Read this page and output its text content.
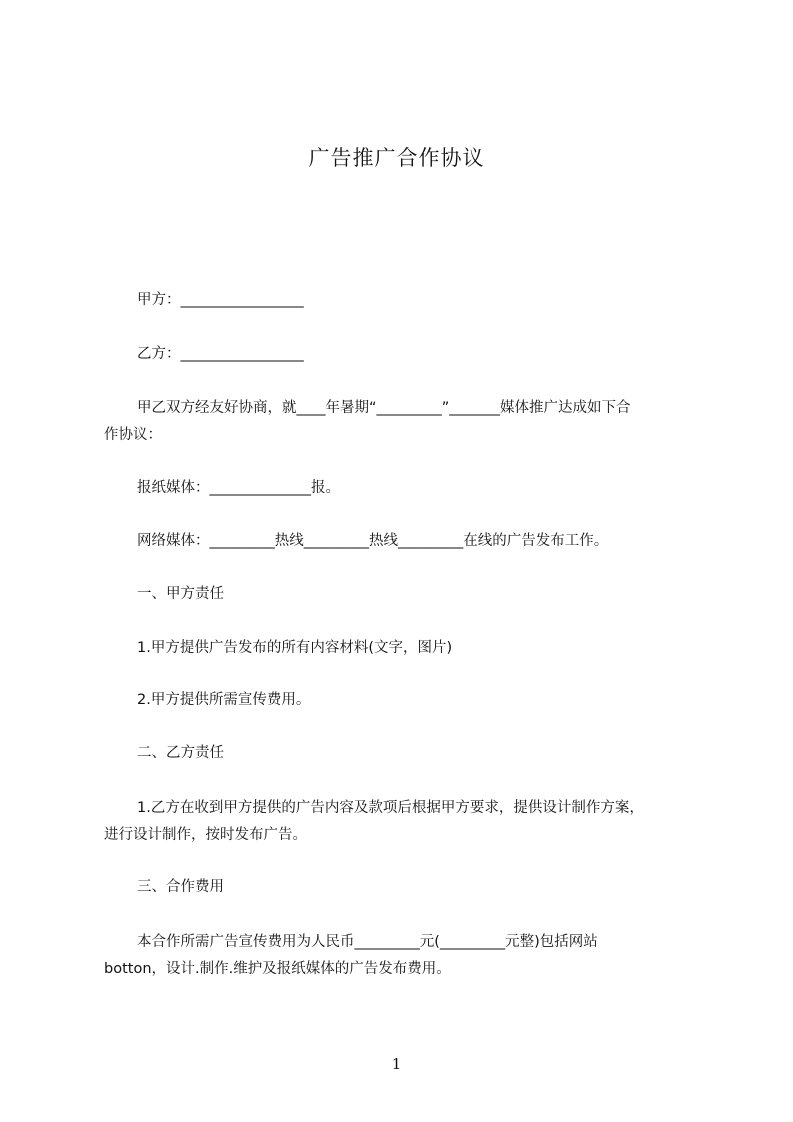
广告推广合作协议

甲方：_________________

乙方：_________________

甲乙双方经友好协商，就____年暑期“_________”_______媒体推广达成如下合
作协议：

报纸媒体：______________报。

网络媒体：_________热线_________热线_________在线的广告发布工作。

一、甲方责任

1.甲方提供广告发布的所有内容材料(文字，图片)

2.甲方提供所需宣传费用。

二、乙方责任

1.乙方在收到甲方提供的广告内容及款项后根据甲方要求，提供设计制作方案，
进行设计制作，按时发布广告。

三、合作费用

本合作所需广告宣传费用为人民币_________元(_________元整)包括网站
botton，设计.制作.维护及报纸媒体的广告发布费用。

1
